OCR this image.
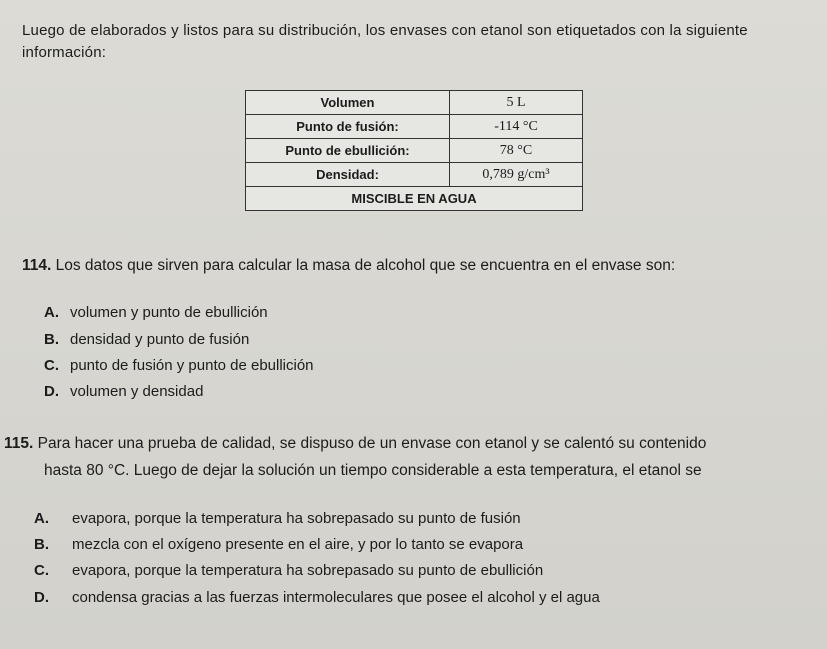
Luego de elaborados y listos para su distribución, los envases con etanol son etiquetados con la siguiente información:
Volumen	5 L
Punto de fusión:	-114 °C
Punto de ebullición:	78 °C
Densidad:	0,789 g/cm³
MISCIBLE EN AGUA	
114. Los datos que sirven para calcular la masa de alcohol que se encuentra en el envase son:
A. volumen y punto de ebullición
B. densidad y punto de fusión
C. punto de fusión y punto de ebullición
D. volumen y densidad
115. Para hacer una prueba de calidad, se dispuso de un envase con etanol y se calentó su contenido
hasta 80 °C. Luego de dejar la solución un tiempo considerable a esta temperatura, el etanol se
A. evapora, porque la temperatura ha sobrepasado su punto de fusión
B. mezcla con el oxígeno presente en el aire, y por lo tanto se evapora
C. evapora, porque la temperatura ha sobrepasado su punto de ebullición
D. condensa gracias a las fuerzas intermoleculares que posee el alcohol y el agua
